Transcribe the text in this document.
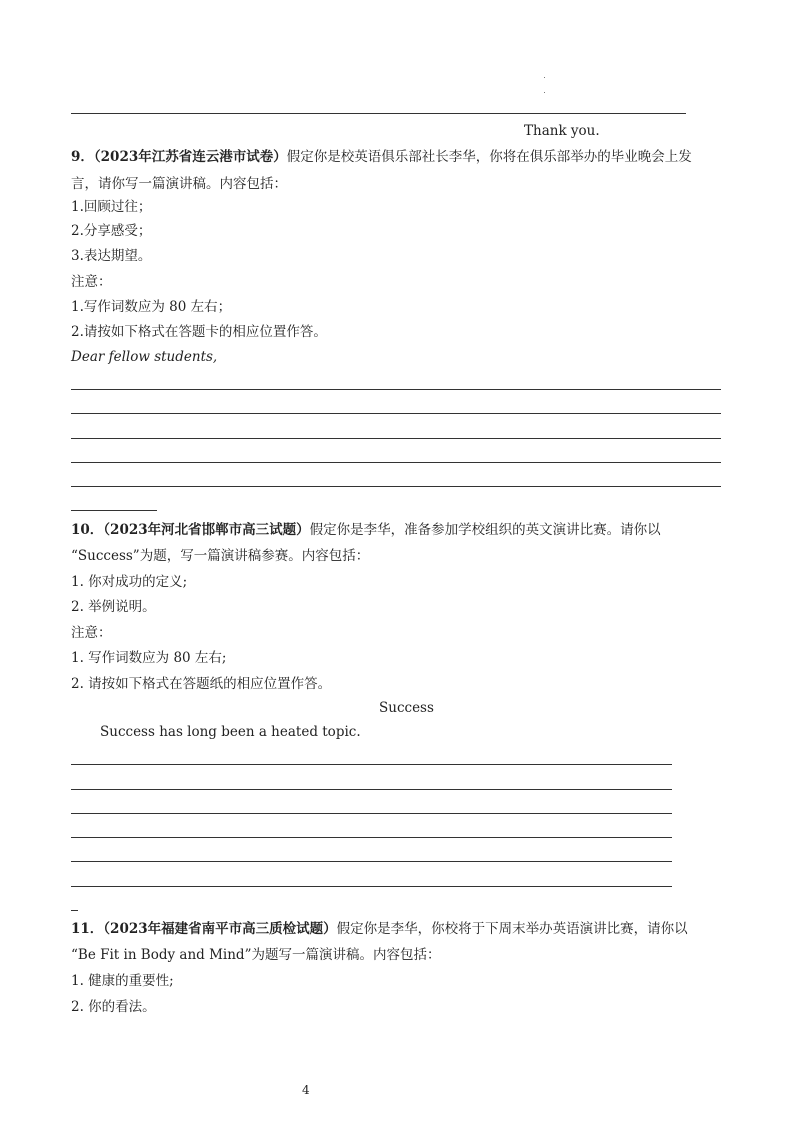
Thank you.
9．（2023年江苏省连云港市试卷）假定你是校英语俱乐部社长李华，你将在俱乐部举办的毕业晚会上发
言，请你写一篇演讲稿。内容包括：
1.回顾过往；
2.分享感受；
3.表达期望。
注意：
1.写作词数应为 80 左右；
2.请按如下格式在答题卡的相应位置作答。
Dear fellow students,
10．（2023年河北省邯郸市高三试题）假定你是李华，准备参加学校组织的英文演讲比赛。请你以
“Success”为题，写一篇演讲稿参赛。内容包括：
1. 你对成功的定义;
2. 举例说明。
注意：
1. 写作词数应为 80 左右;
2. 请按如下格式在答题纸的相应位置作答。
Success
Success has long been a heated topic.
11．（2023年福建省南平市高三质检试题）假定你是李华，你校将于下周末举办英语演讲比赛，请你以
“Be Fit in Body and Mind”为题写一篇演讲稿。内容包括：
1. 健康的重要性;
2. 你的看法。
4
